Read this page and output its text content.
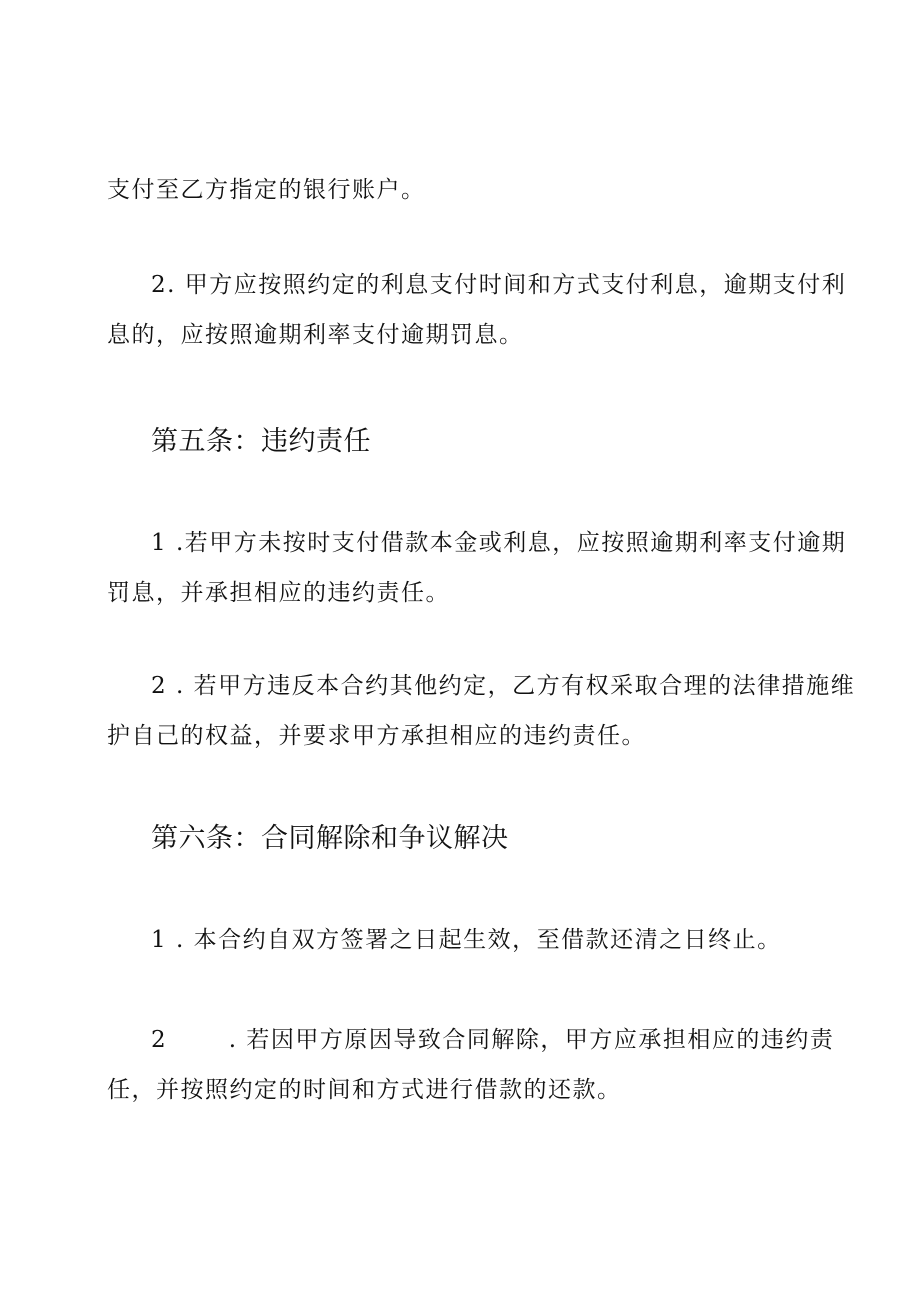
支付至乙方指定的银行账户。
2. 甲方应按照约定的利息支付时间和方式支付利息，逾期支付利
息的，应按照逾期利率支付逾期罚息。
第五条：违约责任
1 .若甲方未按时支付借款本金或利息，应按照逾期利率支付逾期
罚息，并承担相应的违约责任。
2 . 若甲方违反本合约其他约定，乙方有权采取合理的法律措施维
护自己的权益，并要求甲方承担相应的违约责任。
第六条：合同解除和争议解决
1 . 本合约自双方签署之日起生效，至借款还清之日终止。
2       . 若因甲方原因导致合同解除，甲方应承担相应的违约责
任，并按照约定的时间和方式进行借款的还款。
